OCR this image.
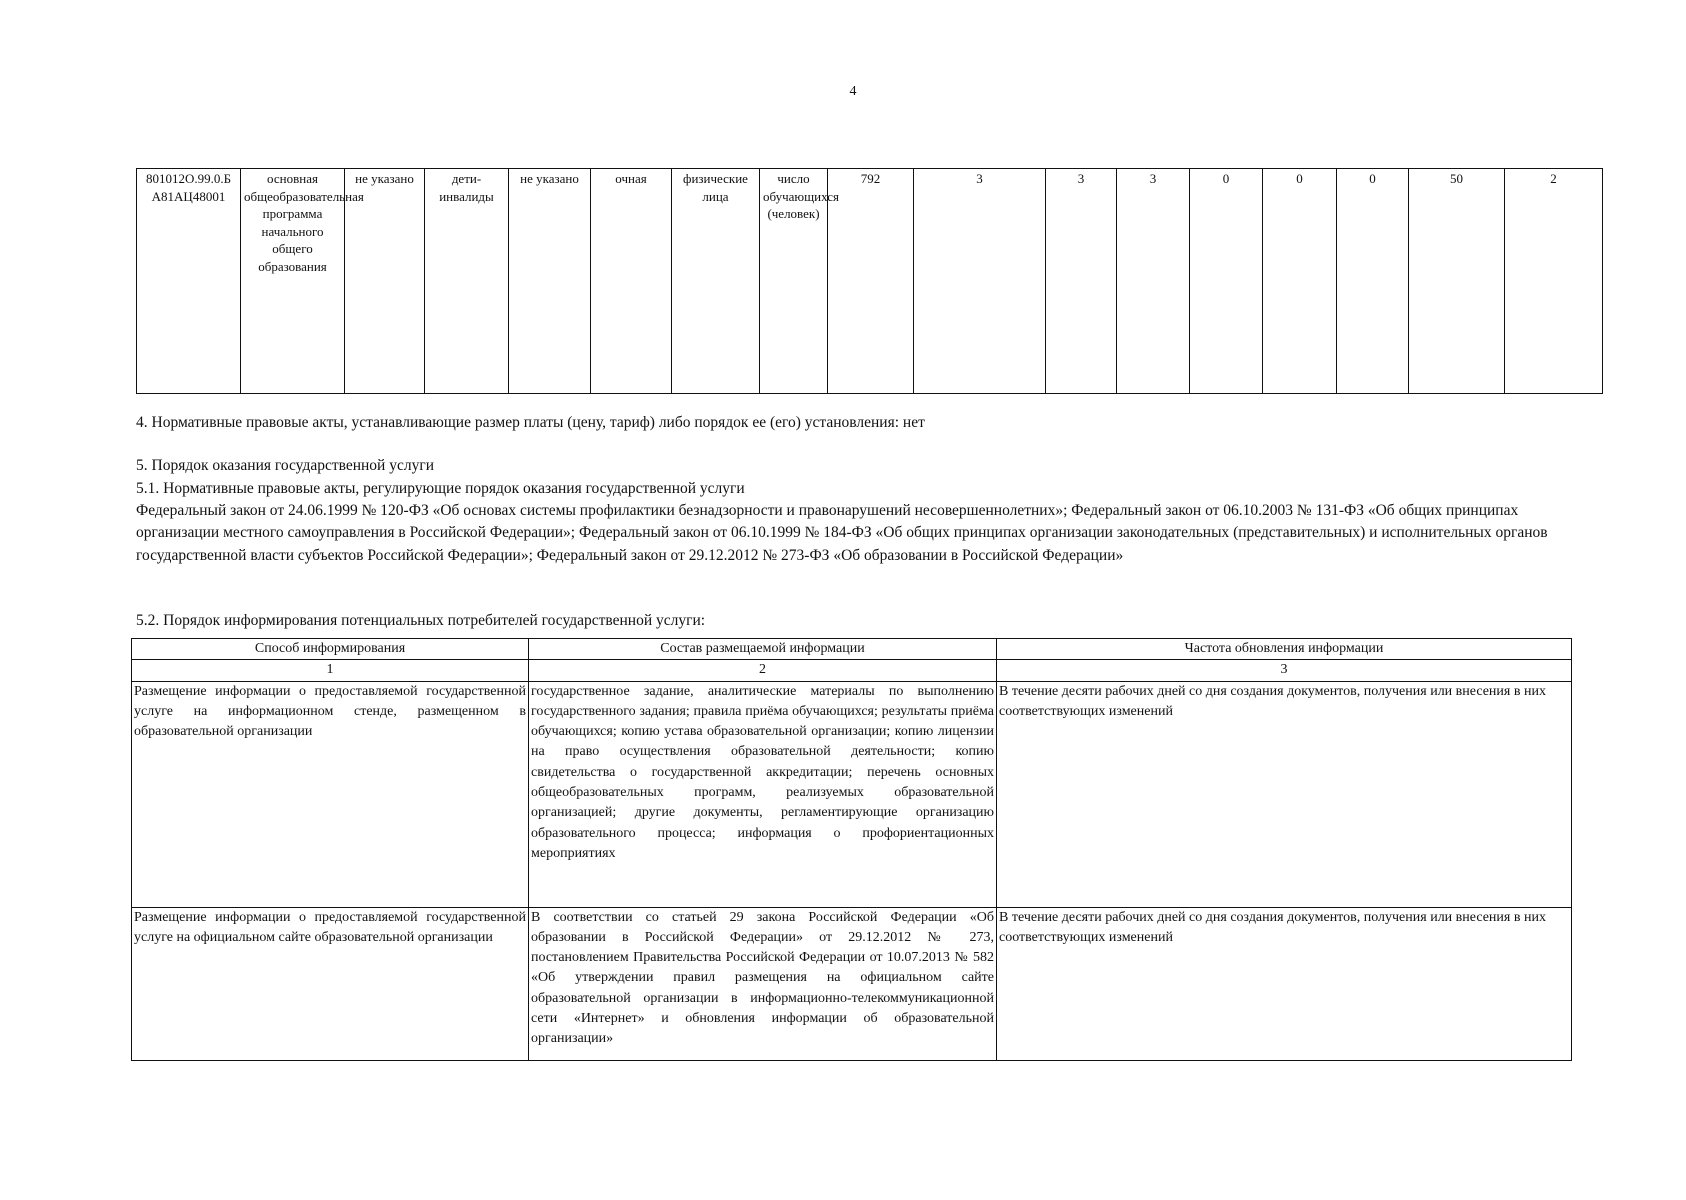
4
801012О.99.0.Б А81АЦ48001	основная общеобразовательная программа начального общего образования	не указано	дети-инвалиды	не указано	очная	физические лица	число обучающихся (человек)	792	3	3	3	0	0	0	50	2

4. Нормативные правовые акты, устанавливающие размер платы (цену, тариф) либо порядок ее (его) установления: нет

5. Порядок оказания государственной услуги

5.1. Нормативные правовые акты, регулирующие порядок оказания государственной услуги

Федеральный закон от 24.06.1999 № 120-ФЗ «Об основах системы профилактики безнадзорности и правонарушений несовершеннолетних»; Федеральный закон от 06.10.2003 № 131-ФЗ «Об общих принципах организации местного самоуправления в Российской Федерации»; Федеральный закон от 06.10.1999 № 184-ФЗ «Об общих принципах организации законодательных (представительных) и исполнительных органов государственной власти субъектов Российской Федерации»; Федеральный закон от 29.12.2012 № 273-ФЗ «Об образовании в Российской Федерации»

5.2. Порядок информирования потенциальных потребителей государственной услуги:

Способ информирования	Состав размещаемой информации	Частота обновления информации
1	2	3
Размещение информации о предоставляемой государственной услуге на информационном стенде, размещенном в образовательной организации	государственное задание, аналитические материалы по выполнению государственного задания; правила приёма обучающихся; результаты приёма обучающихся; копию устава образовательной организации; копию лицензии на право осуществления образовательной деятельности; копию свидетельства о государственной аккредитации; перечень основных общеобразовательных программ, реализуемых образовательной организацией; другие документы, регламентирующие организацию образовательного процесса; информация о профориентационных мероприятиях	В течение десяти рабочих дней со дня создания документов, получения или внесения в них соответствующих изменений
Размещение информации о предоставляемой государственной услуге на официальном сайте образовательной организации	В соответствии со статьей 29 закона Российской Федерации «Об образовании в Российской Федерации» от 29.12.2012 № 273, постановлением Правительства Российской Федерации от 10.07.2013 № 582 «Об утверждении правил размещения на официальном сайте образовательной организации в информационно-телекоммуникационной сети «Интернет» и обновления информации об образовательной организации»	В течение десяти рабочих дней со дня создания документов, получения или внесения в них соответствующих изменений
